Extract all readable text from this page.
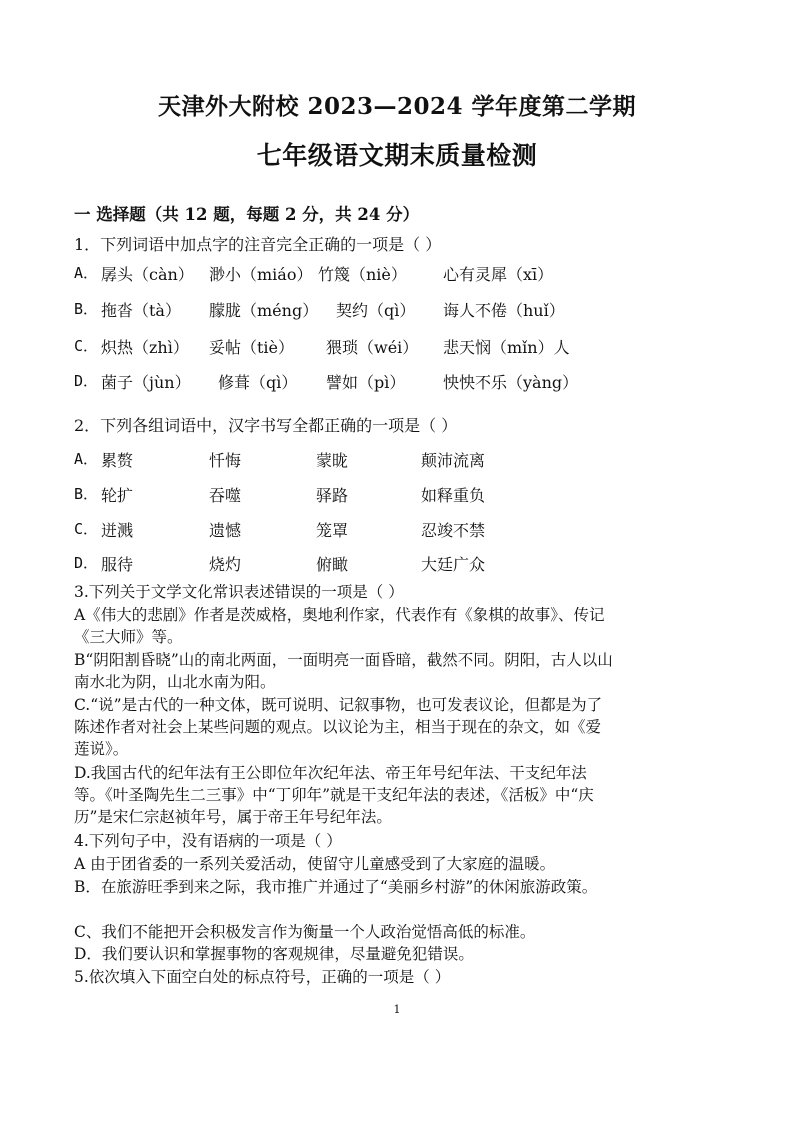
天津外大附校 2023—2024 学年度第二学期
七年级语文期末质量检测
一 选择题（共 12 题，每题 2 分，共 24 分）
1．下列词语中加点字的注音完全正确的一项是（ ）
A． 孱头（càn） 渺小（miáo） 竹篾（niè） 心有灵犀（xī）
B． 拖沓（tà） 朦胧（méng） 契约（qì） 诲人不倦（huǐ）
C． 炽热（zhì） 妥帖（tiè） 猥琐（wéi） 悲天悯（mǐn）人
D． 菌子（jùn） 修葺（qì） 譬如（pì） 怏怏不乐（yàng）
2．下列各组词语中，汉字书写全都正确的一项是（ ）
A． 累赘	忏悔	蒙昽	颠沛流离
B． 轮扩	吞噬	驿路	如释重负
C． 迸溅	遗憾	笼罩	忍竣不禁
D． 服待	烧灼	俯瞰	大廷广众
3.下列关于文学文化常识表述错误的一项是（ ）
A《伟大的悲剧》作者是茨威格，奥地利作家，代表作有《象棋的故事》、传记《三大师》等。
B“阴阳割昏晓”山的南北两面，一面明亮一面昏暗，截然不同。阴阳，古人以山南水北为阴，山北水南为阳。
C.“说”是古代的一种文体，既可说明、记叙事物，也可发表议论，但都是为了陈述作者对社会上某些问题的观点。以议论为主，相当于现在的杂文，如《爱莲说》。
D.我国古代的纪年法有王公即位年次纪年法、帝王年号纪年法、干支纪年法等。《叶圣陶先生二三事》中“丁卯年”就是干支纪年法的表述，《活板》中“庆历”是宋仁宗赵祯年号，属于帝王年号纪年法。
4.下列句子中，没有语病的一项是（ ）
A 由于团省委的一系列关爱活动，使留守儿童感受到了大家庭的温暖。
B．在旅游旺季到来之际，我市推广并通过了“美丽乡村游”的休闲旅游政策。
C、我们不能把开会积极发言作为衡量一个人政治觉悟高低的标准。
D．我们要认识和掌握事物的客观规律，尽量避免犯错误。
5.依次填入下面空白处的标点符号，正确的一项是（ ）
1
